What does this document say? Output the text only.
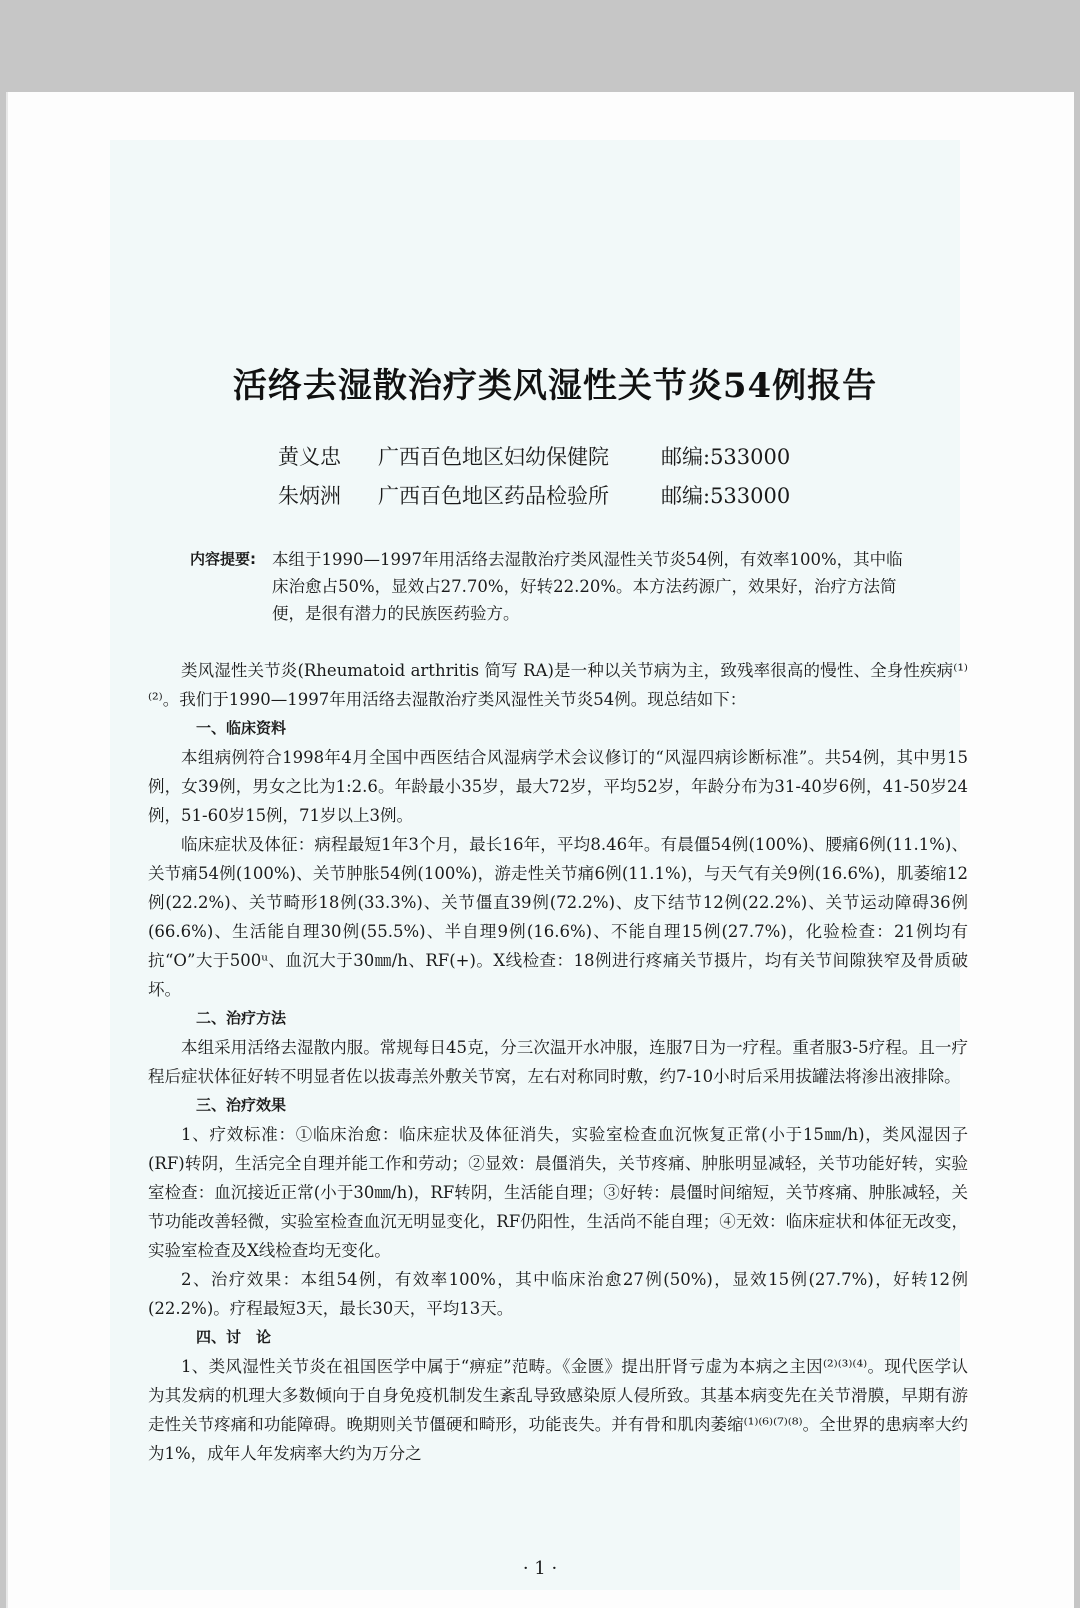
活络去湿散治疗类风湿性关节炎54例报告
黄义忠 广西百色地区妇幼保健院 邮编:533000
朱炳洲 广西百色地区药品检验所 邮编:533000
内容提要: 本组于1990—1997年用活络去湿散治疗类风湿性关节炎54例，有效率100%，其中临床治愈占50%，显效占27.70%，好转22.20%。本方法药源广，效果好，治疗方法简便，是很有潜力的民族医药验方。

类风湿性关节炎(Rheumatoid arthritis 简写 RA)是一种以关节病为主，致残率很高的慢性、全身性疾病⁽¹⁾⁽²⁾。我们于1990—1997年用活络去湿散治疗类风湿性关节炎54例。现总结如下：

一、临床资料

本组病例符合1998年4月全国中西医结合风湿病学术会议修订的“风湿四病诊断标准”。共54例，其中男15例，女39例，男女之比为1:2.6。年龄最小35岁，最大72岁，平均52岁，年龄分布为31-40岁6例，41-50岁24例，51-60岁15例，71岁以上3例。

临床症状及体征：病程最短1年3个月，最长16年，平均8.46年。有晨僵54例(100%)、腰痛6例(11.1%)、关节痛54例(100%)、关节肿胀54例(100%)，游走性关节痛6例(11.1%)，与天气有关9例(16.6%)，肌萎缩12例(22.2%)、关节畸形18例(33.3%)、关节僵直39例(72.2%)、皮下结节12例(22.2%)、关节运动障碍36例(66.6%)、生活能自理30例(55.5%)、半自理9例(16.6%)、不能自理15例(27.7%)，化验检查：21例均有抗“O”大于500ᵘ、血沉大于30㎜/h、RF(+)。X线检查：18例进行疼痛关节摄片，均有关节间隙狭窄及骨质破坏。

二、治疗方法

本组采用活络去湿散内服。常规每日45克，分三次温开水冲服，连服7日为一疗程。重者服3-5疗程。且一疗程后症状体征好转不明显者佐以拔毒羔外敷关节窝，左右对称同时敷，约7-10小时后采用拔罐法将渗出液排除。

三、治疗效果

1、疗效标准：①临床治愈：临床症状及体征消失，实验室检查血沉恢复正常(小于15㎜/h)，类风湿因子(RF)转阴，生活完全自理并能工作和劳动；②显效：晨僵消失，关节疼痛、肿胀明显减轻，关节功能好转，实验室检查：血沉接近正常(小于30㎜/h)，RF转阴，生活能自理；③好转：晨僵时间缩短，关节疼痛、肿胀减轻，关节功能改善轻微，实验室检查血沉无明显变化，RF仍阳性，生活尚不能自理；④无效：临床症状和体征无改变，实验室检查及X线检查均无变化。

2、治疗效果：本组54例，有效率100%，其中临床治愈27例(50%)，显效15例(27.7%)，好转12例(22.2%)。疗程最短3天，最长30天，平均13天。

四、讨　论

1、类风湿性关节炎在祖国医学中属于“痹症”范畴。《金匮》提出肝肾亏虚为本病之主因⁽²⁾⁽³⁾⁽⁴⁾。现代医学认为其发病的机理大多数倾向于自身免疫机制发生紊乱导致感染原人侵所致。其基本病变先在关节滑膜，早期有游走性关节疼痛和功能障碍。晚期则关节僵硬和畸形，功能丧失。并有骨和肌肉萎缩⁽¹⁾⁽⁶⁾⁽⁷⁾⁽⁸⁾。全世界的患病率大约为1%，成年人年发病率大约为万分之

· 1 ·
